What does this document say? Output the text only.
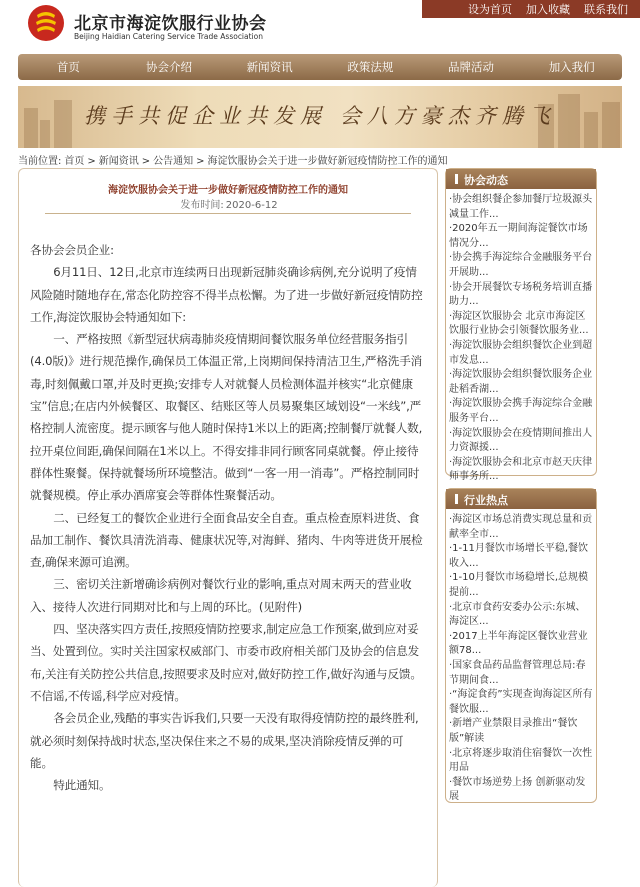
北京市海淀饮服行业协会
Beijing Haidian Catering Service Trade Association
设为首页 加入收藏 联系我们
首页	协会介绍	新闻资讯	政策法规	品牌活动	加入我们
携手共促企业共发展 会八方豪杰齐腾飞
当前位置: 首页 > 新闻资讯 > 公告通知 > 海淀饮服协会关于进一步做好新冠疫情防控工作的通知
海淀饮服协会关于进一步做好新冠疫情防控工作的通知
发布时间: 2020-6-12

各协会会员企业:

6月11日、12日,北京市连续两日出现新冠肺炎确诊病例,充分说明了疫情风险随时随地存在,常态化防控容不得半点松懈。为了进一步做好新冠疫情防控工作,海淀饮服协会特通知如下:

一、严格按照《新型冠状病毒肺炎疫情期间餐饮服务单位经营服务指引(4.0版)》进行规范操作,确保员工体温正常,上岗期间保持清洁卫生,严格洗手消毒,时刻佩戴口罩,并及时更换;安排专人对就餐人员检测体温并核实“北京健康宝”信息;在店内外候餐区、取餐区、结账区等人员易聚集区域划设“一米线”,严格控制人流密度。提示顾客与他人随时保持1米以上的距离;控制餐厅就餐人数,拉开桌位间距,确保间隔在1米以上。不得安排非同行顾客同桌就餐。停止接待群体性聚餐。保持就餐场所环境整洁。做到“一客一用一消毒”。严格控制同时就餐规模。停止承办酒席宴会等群体性聚餐活动。

二、已经复工的餐饮企业进行全面食品安全自查。重点检查原料进货、食品加工制作、餐饮具清洗消毒、健康状况等,对海鲜、猪肉、牛肉等进货开展检查,确保来源可追溯。

三、密切关注新增确诊病例对餐饮行业的影响,重点对周末两天的营业收入、接待人次进行同期对比和与上周的环比。(见附件)

四、坚决落实四方责任,按照疫情防控要求,制定应急工作预案,做到应对妥当、处置到位。实时关注国家权威部门、市委市政府相关部门及协会的信息发布,关注有关防控公共信息,按照要求及时应对,做好防控工作,做好沟通与反馈。不信谣,不传谣,科学应对疫情。

各会员企业,残酷的事实告诉我们,只要一天没有取得疫情防控的最终胜利,就必须时刻保持战时状态,坚决保住来之不易的成果,坚决消除疫情反弹的可能。

特此通知。

协会动态
·协会组织餐企参加餐厅垃圾源头减量工作...
·2020年五一期间海淀餐饮市场情况分...
·协会携手海淀综合金融服务平台 开展助...
·协会开展餐饮专场税务培训直播 助力...
·海淀区饮服协会 北京市海淀区饮服行业协会引领餐饮服务业...
·海淀饮服协会组织餐饮企业到超市发息...
·海淀饮服协会组织餐饮服务企业赴稻香湖...
·海淀饮服协会携手海淀综合金融服务平台...
·海淀饮服协会在疫情期间推出人力资源援...
·海淀饮服协会和北京市赵天庆律师事务所...
行业热点
·海淀区市场总消费实现总量和贡献率全市...
·1-11月餐饮市场增长平稳,餐饮收入...
·1-10月餐饮市场稳增长,总规模提前...
·北京市食药安委办公示:东城、海淀区...
·2017上半年海淀区餐饮业营业额78...
·国家食品药品监督管理总局:春节期间食...
·“海淀食药”实现查询海淀区所有餐饮服...
·新增产业禁限目录推出“餐饮版”解读
·北京将逐步取消住宿餐饮一次性用品
·餐饮市场逆势上扬 创新驱动发展
